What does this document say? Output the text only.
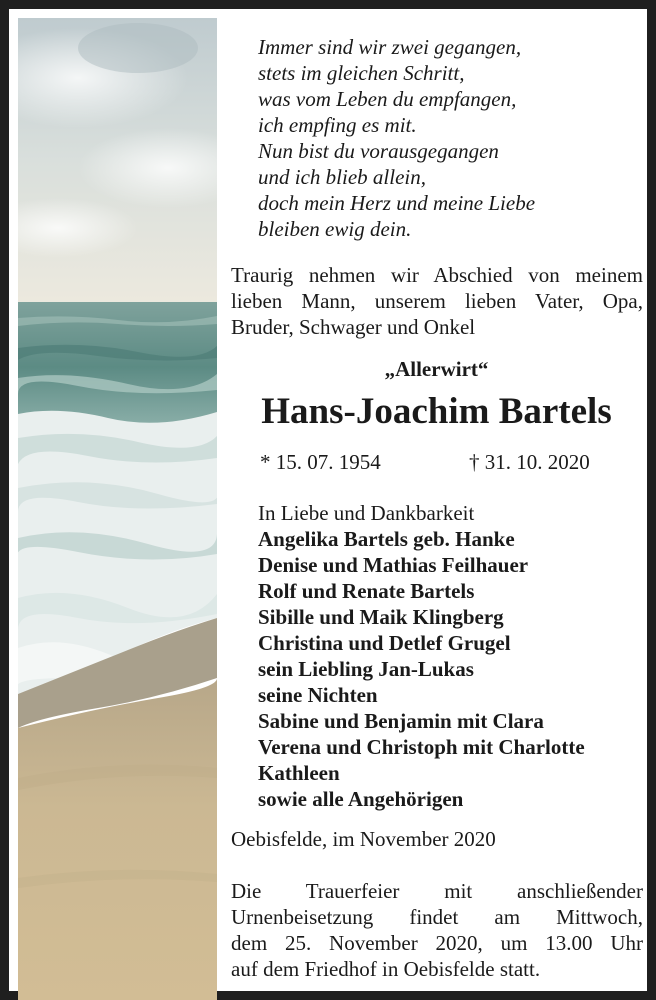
Immer sind wir zwei gegangen,
stets im gleichen Schritt,
was vom Leben du empfangen,
ich empfing es mit.
Nun bist du vorausgegangen
und ich blieb allein,
doch mein Herz und meine Liebe
bleiben ewig dein.
Traurig nehmen wir Abschied von meinem
lieben Mann, unserem lieben Vater, Opa,
Bruder, Schwager und Onkel
„Allerwirt“
Hans-Joachim Bartels
* 15. 07. 1954	† 31. 10. 2020
In Liebe und Dankbarkeit
Angelika Bartels geb. Hanke
Denise und Mathias Feilhauer
Rolf und Renate Bartels
Sibille und Maik Klingberg
Christina und Detlef Grugel
sein Liebling Jan-Lukas
seine Nichten
Sabine und Benjamin mit Clara
Verena und Christoph mit Charlotte
Kathleen
sowie alle Angehörigen
Oebisfelde, im November 2020
Die Trauerfeier mit anschließender
Urnenbeisetzung findet am Mittwoch,
dem 25. November 2020, um 13.00 Uhr
auf dem Friedhof in Oebisfelde statt.
